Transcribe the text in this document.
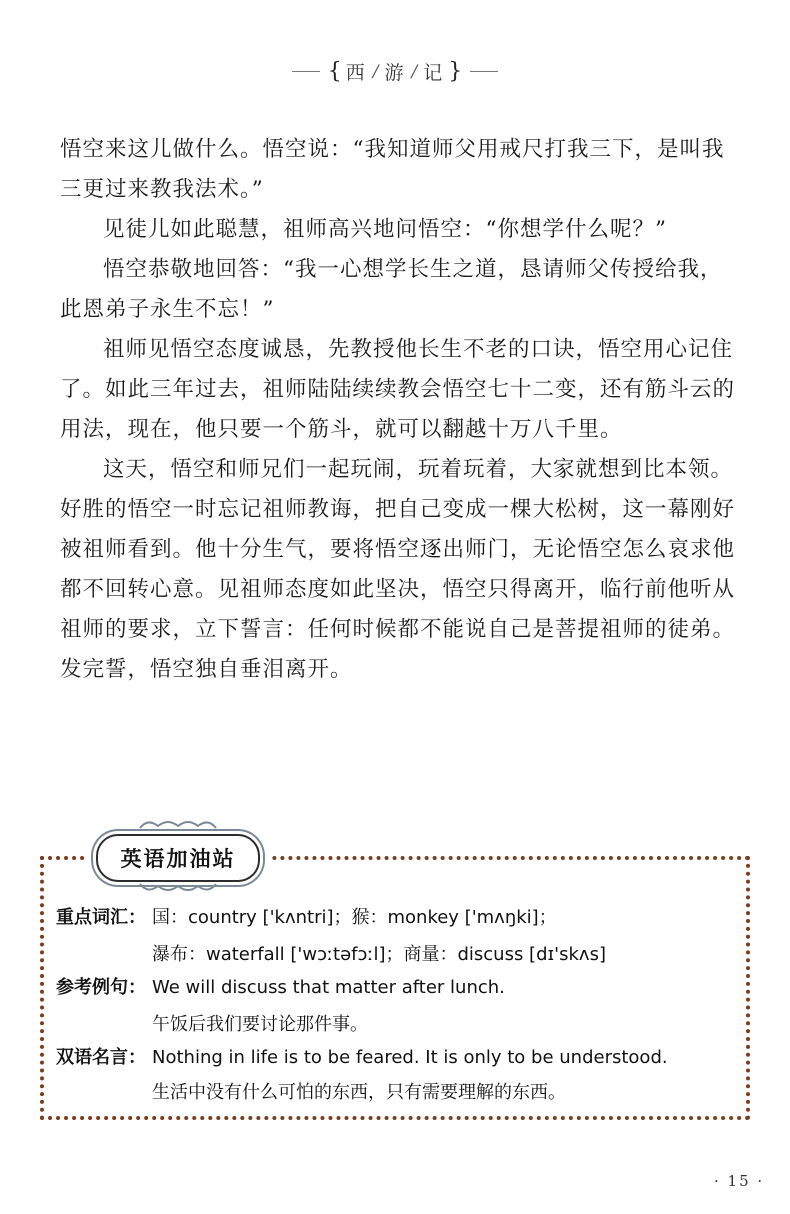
{ 西 / 游 / 记 }

悟空来这儿做什么。悟空说：“我知道师父用戒尺打我三下，是叫我三更过来教我法术。”

见徒儿如此聪慧，祖师高兴地问悟空：“你想学什么呢？”

悟空恭敬地回答：“我一心想学长生之道，恳请师父传授给我，此恩弟子永生不忘！”

祖师见悟空态度诚恳，先教授他长生不老的口诀，悟空用心记住了。如此三年过去，祖师陆陆续续教会悟空七十二变，还有筋斗云的用法，现在，他只要一个筋斗，就可以翻越十万八千里。

这天，悟空和师兄们一起玩闹，玩着玩着，大家就想到比本领。好胜的悟空一时忘记祖师教诲，把自己变成一棵大松树，这一幕刚好被祖师看到。他十分生气，要将悟空逐出师门，无论悟空怎么哀求他都不回转心意。见祖师态度如此坚决，悟空只得离开，临行前他听从祖师的要求，立下誓言：任何时候都不能说自己是菩提祖师的徒弟。发完誓，悟空独自垂泪离开。

英语加油站
重点词汇： 国：country ['kʌntri]；猴：monkey ['mʌŋki]；
瀑布：waterfall ['wɔːtəfɔːl]；商量：discuss [dɪ'skʌs]
参考例句： We will discuss that matter after lunch.
午饭后我们要讨论那件事。
双语名言： Nothing in life is to be feared. It is only to be understood.
生活中没有什么可怕的东西，只有需要理解的东西。
· 15 ·
